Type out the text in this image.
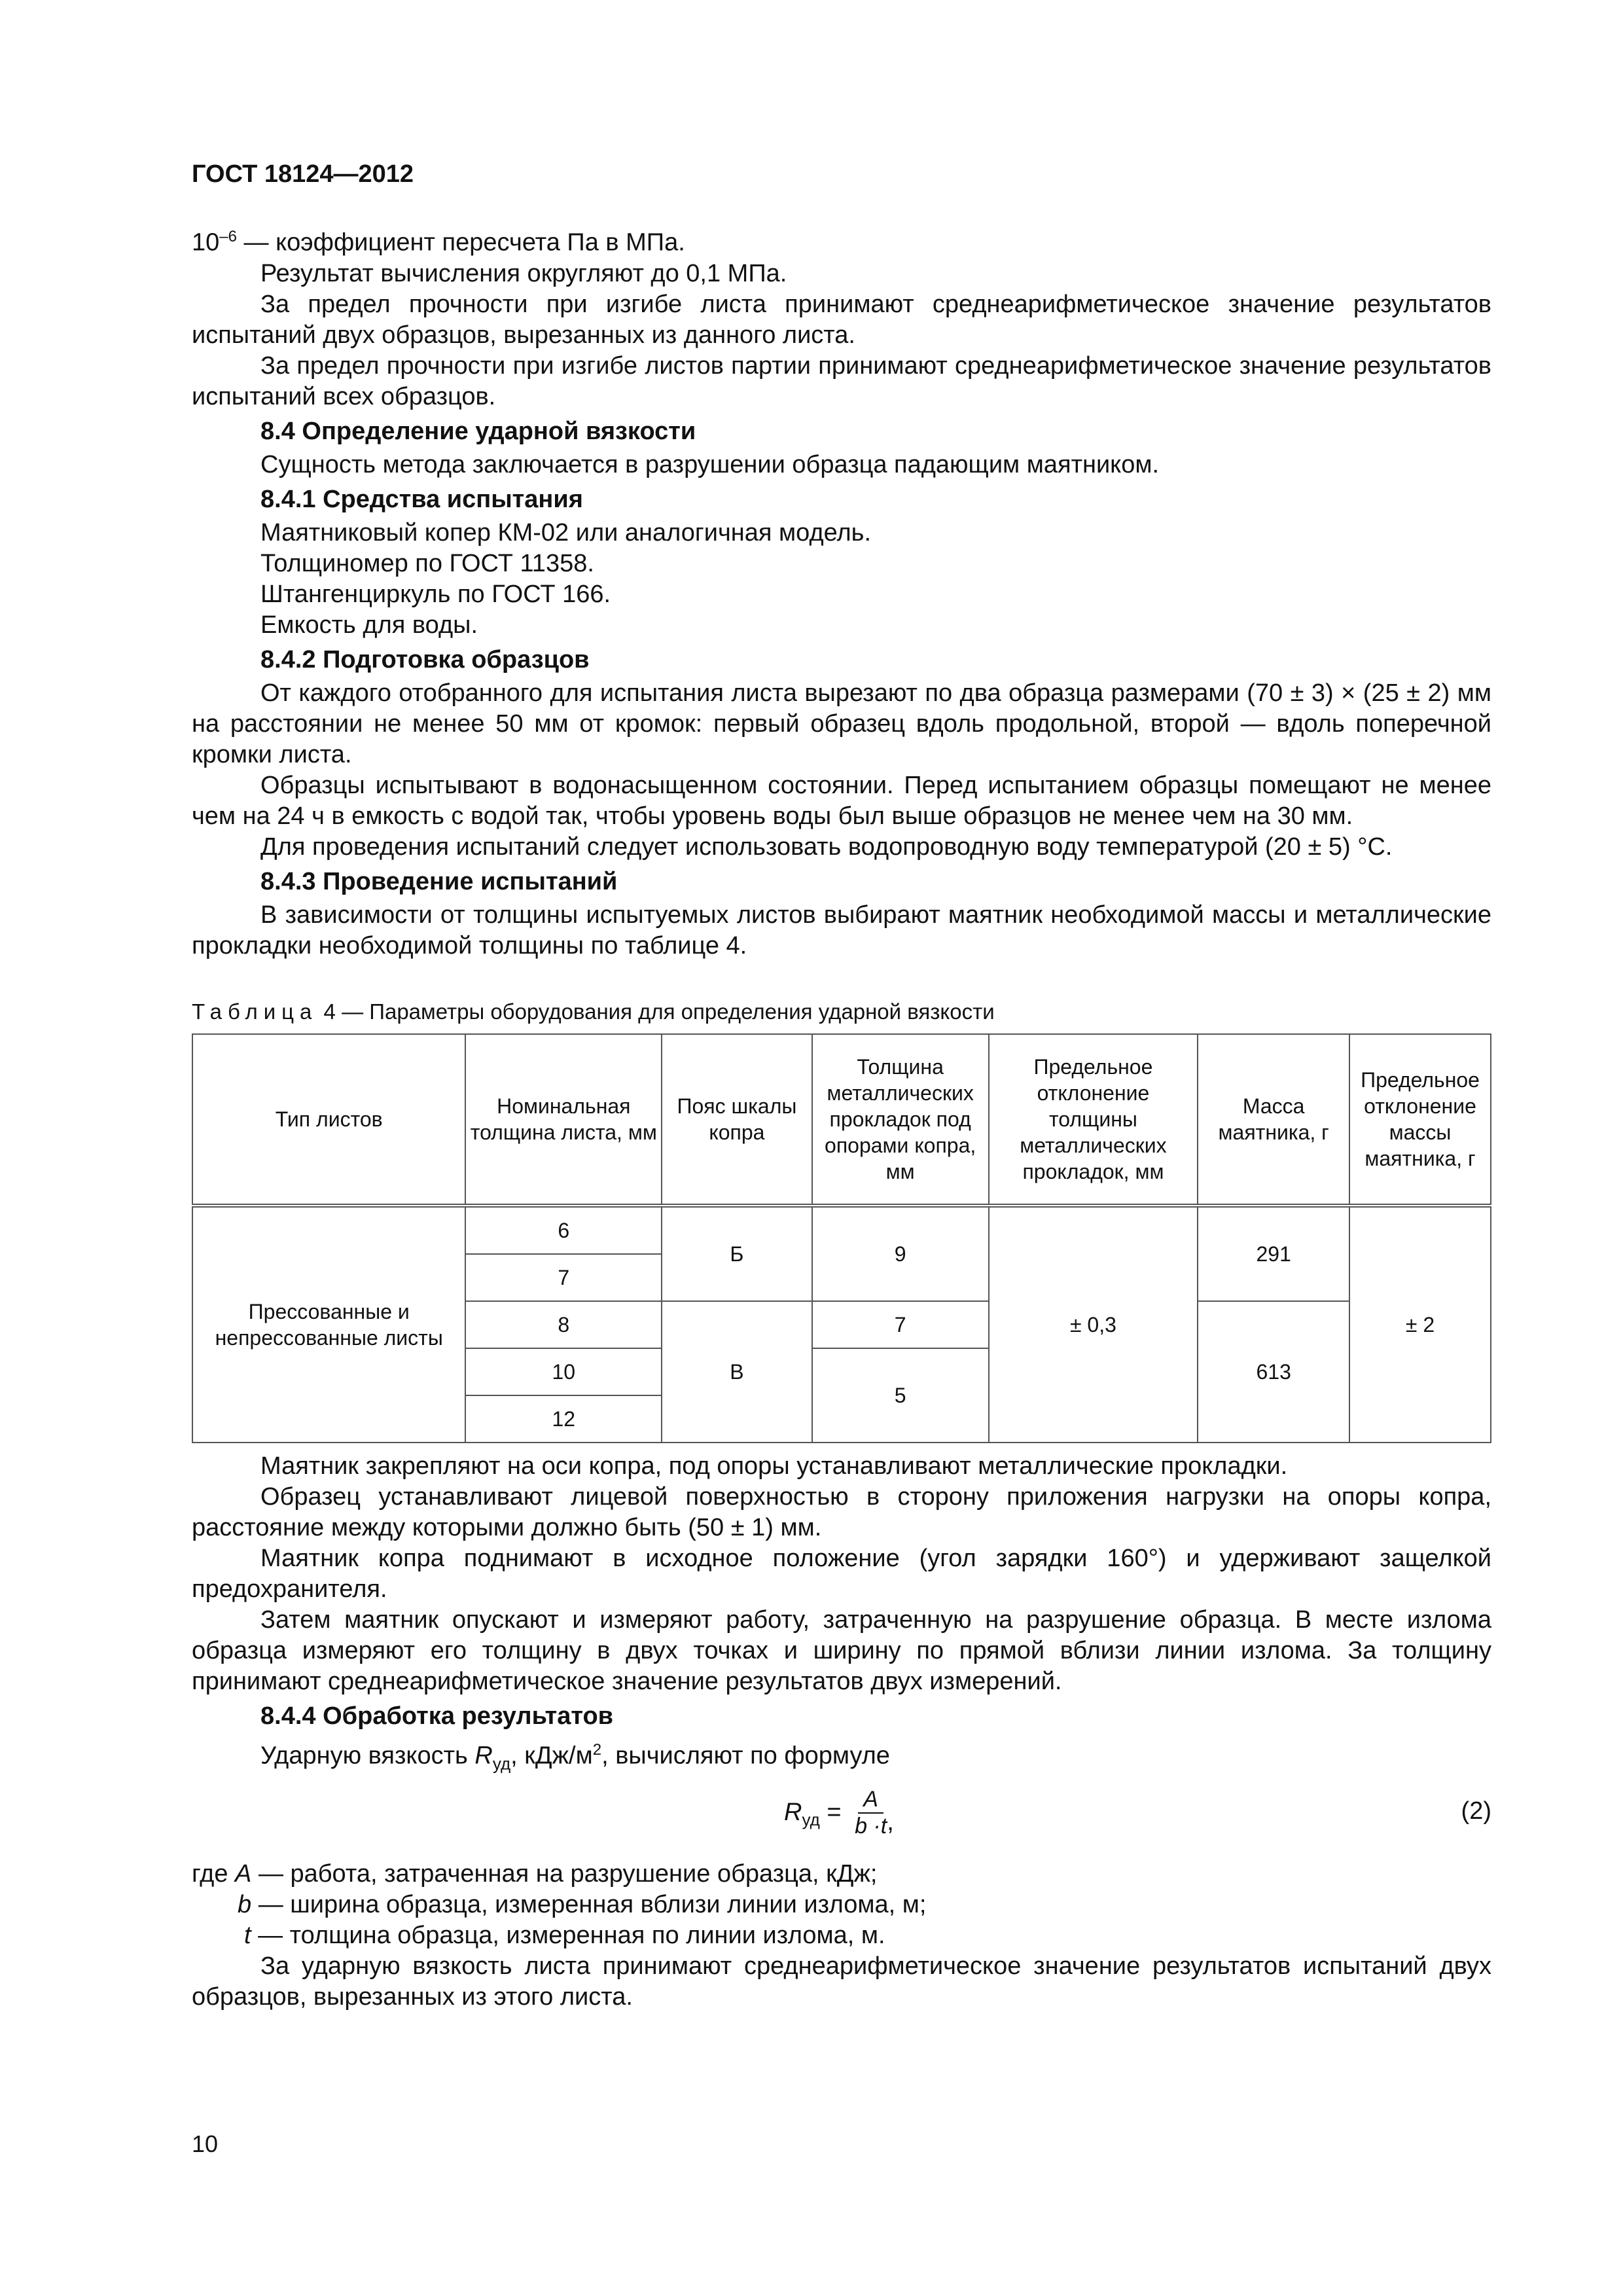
ГОСТ 18124—2012

$10^{-6}$ — коэффициент пересчета Па в МПа.

Результат вычисления округляют до 0,1 МПа.

За предел прочности при изгибе листа принимают среднеарифметическое значение результатов испытаний двух образцов, вырезанных из данного листа.

За предел прочности при изгибе листов партии принимают среднеарифметическое значение результатов испытаний всех образцов.

8.4 Определение ударной вязкости

Сущность метода заключается в разрушении образца падающим маятником.

8.4.1 Средства испытания

Маятниковый копер КМ-02 или аналогичная модель.

Толщиномер по ГОСТ 11358.

Штангенциркуль по ГОСТ 166.

Емкость для воды.

8.4.2 Подготовка образцов

От каждого отобранного для испытания листа вырезают по два образца размерами (70 ± 3) × (25 ± 2) мм на расстоянии не менее 50 мм от кромок: первый образец вдоль продольной, второй — вдоль поперечной кромки листа.

Образцы испытывают в водонасыщенном состоянии. Перед испытанием образцы помещают не менее чем на 24 ч в емкость с водой так, чтобы уровень воды был выше образцов не менее чем на 30 мм.

Для проведения испытаний следует использовать водопроводную воду температурой (20 ± 5) °С.

8.4.3 Проведение испытаний

В зависимости от толщины испытуемых листов выбирают маятник необходимой массы и металлические прокладки необходимой толщины по таблице 4.

Таблица 4 — Параметры оборудования для определения ударной вязкости
Тип листов	Номинальная толщина листа, мм	Пояс шкалы копра	Толщина металлических прокладок под опорами копра, мм	Предельное отклонение толщины металлических прокладок, мм	Масса маятника, г	Предельное отклонение массы маятника, г
Прессованные и непрессованные листы	6	Б	9	± 0,3	291	± 2
	7					
	8	В	7		613	
	10		5			
	12					

Маятник закрепляют на оси копра, под опоры устанавливают металлические прокладки.

Образец устанавливают лицевой поверхностью в сторону приложения нагрузки на опоры копра, расстояние между которыми должно быть (50 ± 1) мм.

Маятник копра поднимают в исходное положение (угол зарядки 160°) и удерживают защелкой предохранителя.

Затем маятник опускают и измеряют работу, затраченную на разрушение образца. В месте излома образца измеряют его толщину в двух точках и ширину по прямой вблизи линии излома. За толщину принимают среднеарифметическое значение результатов двух измерений.

8.4.4 Обработка результатов

Ударную вязкость $R_{уд}$, кДж/$м^2$, вычисляют по формуле

$R_{уд} = \frac{A}{b \cdot t}$ ,	(2)

где A — работа, затраченная на разрушение образца, кДж;

b — ширина образца, измеренная вблизи линии излома, м;

t — толщина образца, измеренная по линии излома, м.

За ударную вязкость листа принимают среднеарифметическое значение результатов испытаний двух образцов, вырезанных из этого листа.

10
